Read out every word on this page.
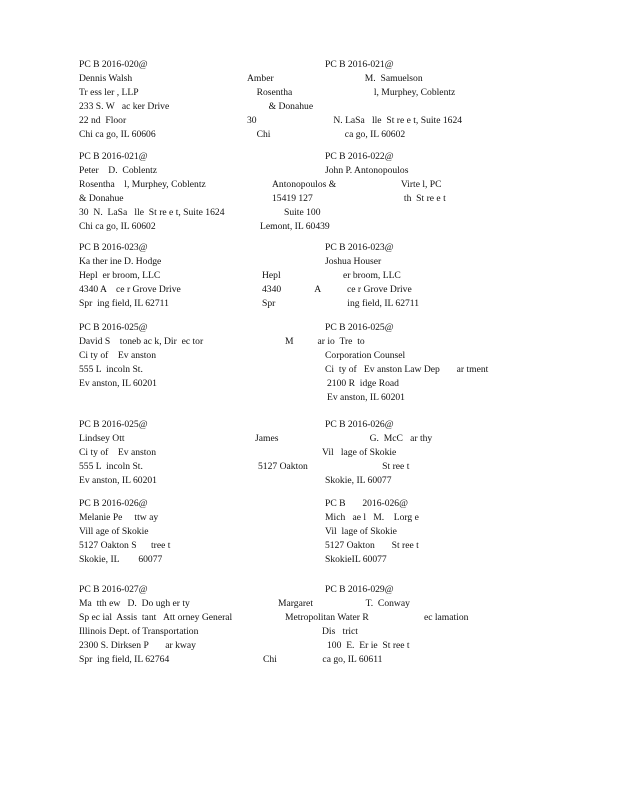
PC B 2016-020@
Dennis Walsh
Tr ess ler , LLP
233 S. W   ac ker Drive
22 nd  Floor
Chi ca go, IL 60606
PC B 2016-021@
Amber                                      M.  Samuelson
Rosentha                                  l, Murphey, Coblentz
& Donahue
30                                N. LaSa   lle  St re e t, Suite 1624
Chi                               ca go, IL 60602
PC B 2016-021@
Peter    D.  Coblentz
Rosentha    l, Murphey, Coblentz
& Donahue
30  N.  LaSa   lle  St re e t, Suite 1624
Chi ca go, IL 60602
PC B 2016-022@
John P. Antonopoulos
Antonopoulos &                           Virte l, PC
15419 127                                      th  St re e t
Suite 100
Lemont, IL 60439
PC B 2016-023@
Ka ther ine D. Hodge
Hepl  er broom, LLC
4340 A    ce r Grove Drive
Spr  ing field, IL 62711
PC B 2016-023@
Joshua Houser
Hepl                          er broom, LLC
4340              A           ce r Grove Drive
Spr                              ing field, IL 62711
PC B 2016-025@
David S    toneb ac k, Dir  ec tor
Ci ty of    Ev anston
555 L  incoln St.
Ev anston, IL 60201
PC B 2016-025@
M          ar io  Tre  to
Corporation Counsel
Ci  ty of   Ev anston Law Dep       ar tment
2100 R  idge Road
Ev anston, IL 60201
PC B 2016-025@
Lindsey Ott
Ci ty of    Ev anston
555 L  incoln St.
Ev anston, IL 60201
PC B 2016-026@
James                                      G.  McC   ar thy
Vil   lage of Skokie
5127 Oakton                               St ree t
Skokie, IL 60077
PC B 2016-026@
Melanie Pe     ttw ay
Vill age of Skokie
5127 Oakton S      tree t
Skokie, IL        60077
PC B       2016-026@
Mich   ae l   M.    Lorg e
Vil  lage of Skokie
5127 Oakton       St ree t
SkokieIL 60077
PC B 2016-027@
Ma  tth ew   D.  Do ugh er ty
Sp ec ial  Assis  tant   Att orney General
Illinois Dept. of Transportation
2300 S. Dirksen P       ar kway
Spr  ing field, IL 62764
PC B 2016-029@
Margaret                      T.  Conway
Metropolitan Water R                       ec lamation
Dis   trict
100  E.  Er ie  St ree t
Chi                   ca go, IL 60611
